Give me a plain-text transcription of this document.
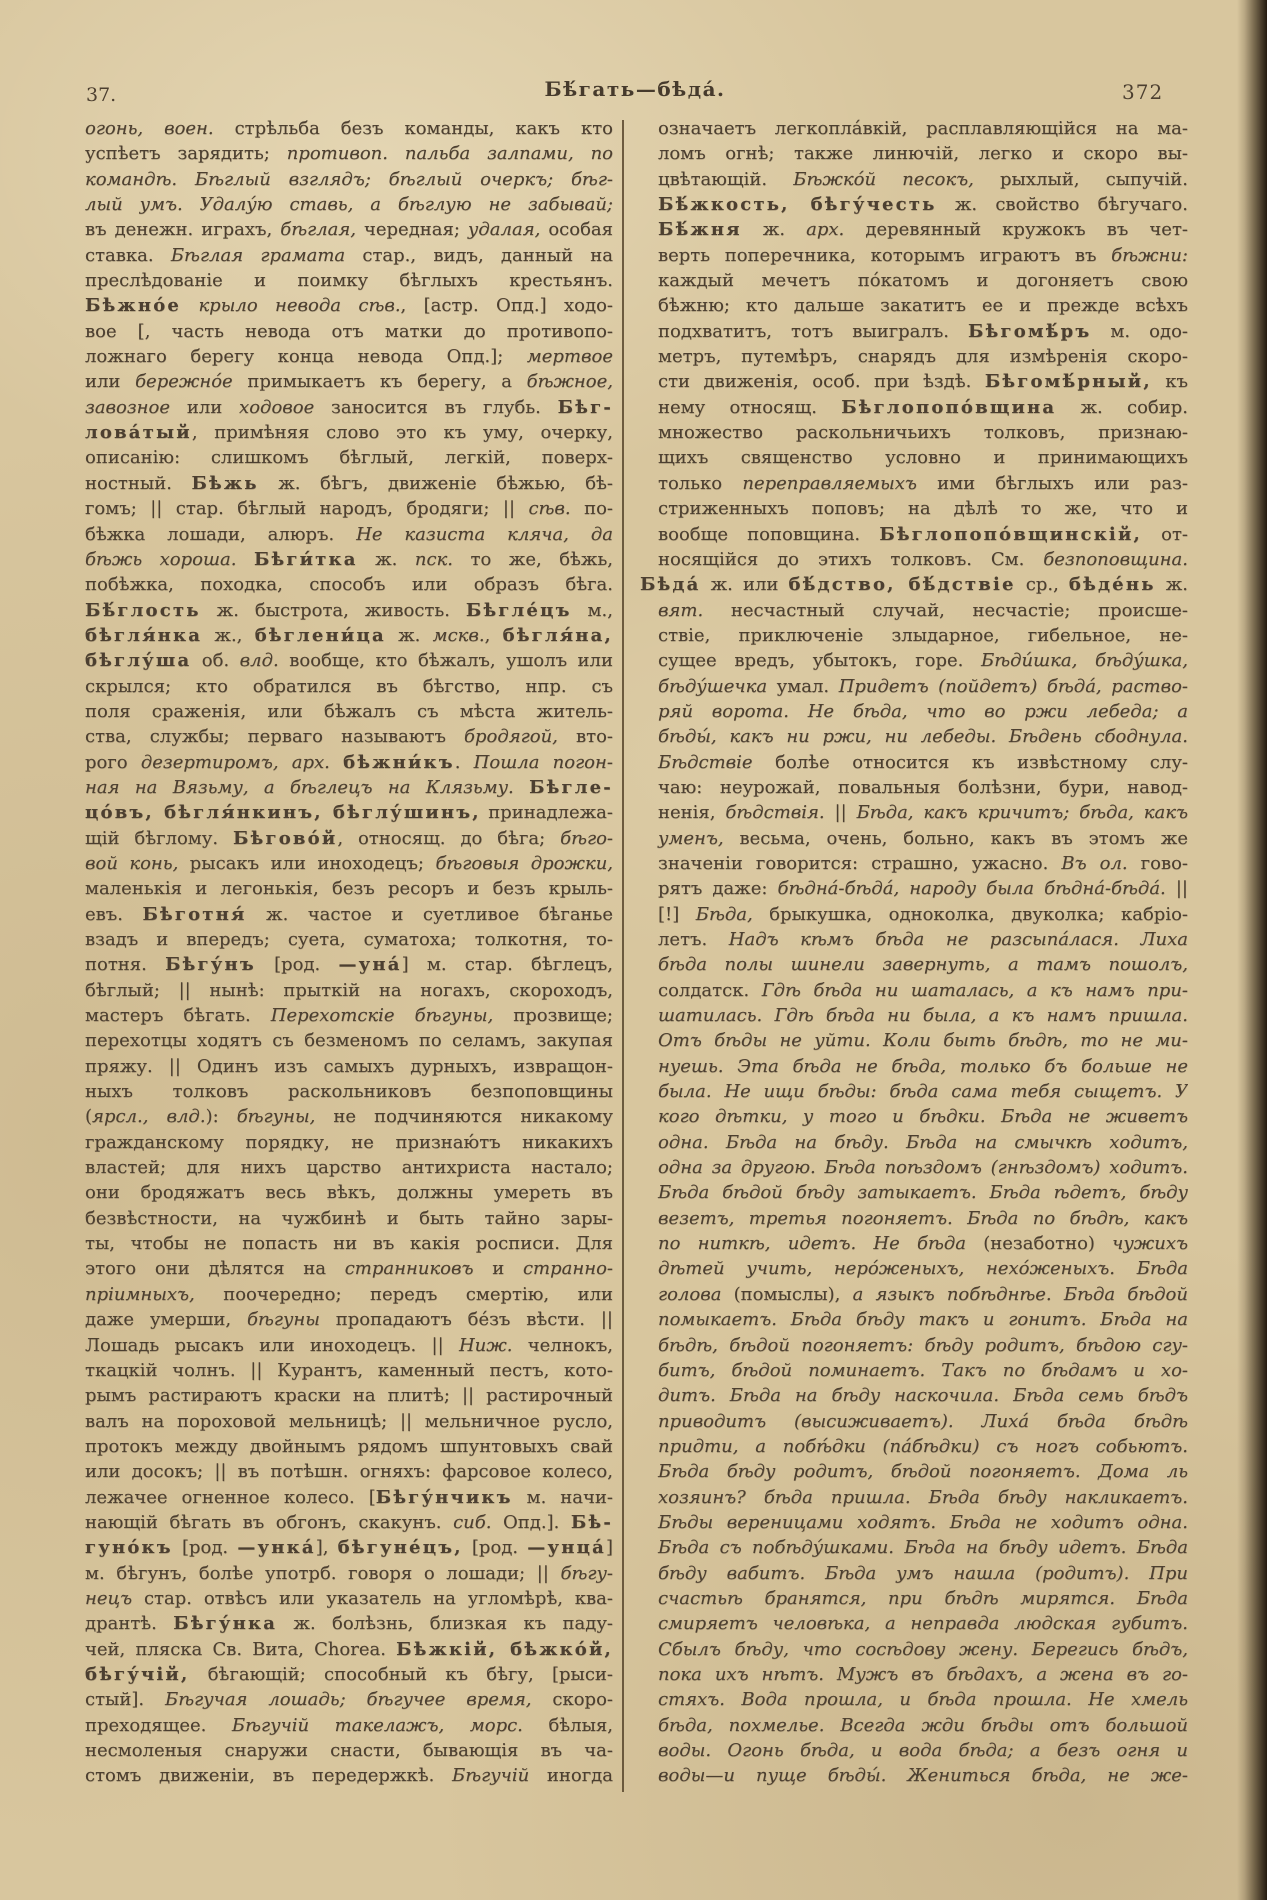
37.	Бѣ́гать—бѣда́.	372
огонь, воен. стрѣльба безъ команды, какъ кто
успѣетъ зарядить; противоп. пальба залпами, по
командѣ. Бѣглый взглядъ; бѣглый очеркъ; бѣг-
лый умъ. Удалу́ю ставь, а бѣглую не забывай;
въ денежн. играхъ, бѣглая, чередная; удалая, особая
ставка. Бѣглая грамата стар., видъ, данный на
преслѣдованіе и поимку бѣглыхъ крестьянъ.
Бѣжно́е крыло невода сѣв., [астр. Опд.] ходо-
вое [, часть невода отъ матки до противопо-
ложнаго берегу конца невода Опд.]; мертвое
или бережно́е примыкаетъ къ берегу, а бѣжное,
завозное или ходовое заносится въ глубь. Бѣг-
лова́тый, примѣняя слово это къ уму, очерку,
описанію: слишкомъ бѣглый, легкій, поверх-
ностный. Бѣжь ж. бѣгъ, движеніе бѣжью, бѣ-
гомъ; || стар. бѣглый народъ, бродяги; || сѣв. по-
бѣжка лошади, алюръ. Не казиста кляча, да
бѣжь хороша. Бѣги́тка ж. пск. то же, бѣжь,
побѣжка, походка, способъ или образъ бѣга.
Бѣ́глость ж. быстрота, живость. Бѣгле́цъ м.,
бѣгля́нка ж., бѣглени́ца ж. мскв., бѣгля́на,
бѣглу́ша об. влд. вообще, кто бѣжалъ, ушолъ или
скрылся; кто обратился въ бѣгство, нпр. съ
поля сраженія, или бѣжалъ съ мѣста житель-
ства, службы; перваго называютъ бродягой, вто-
рого дезертиромъ, арх. бѣжни́къ. Пошла погон-
ная на Вязьму, а бѣглецъ на Клязьму. Бѣгле-
цо́въ, бѣгля́нкинъ, бѣглу́шинъ, принадлежа-
щій бѣглому. Бѣгово́й, относящ. до бѣга; бѣго-
вой конь, рысакъ или иноходецъ; бѣговыя дрожки,
маленькія и легонькія, безъ ресоръ и безъ крыль-
евъ. Бѣготня́ ж. частое и суетливое бѣганье
взадъ и впередъ; суета, суматоха; толкотня, то-
потня. Бѣгу́нъ [род. —уна́] м. стар. бѣглецъ,
бѣглый; || нынѣ: прыткій на ногахъ, скороходъ,
мастеръ бѣгать. Перехотскіе бѣгуны, прозвище;
перехотцы ходятъ съ безменомъ по селамъ, закупая
пряжу. || Одинъ изъ самыхъ дурныхъ, извращон-
ныхъ толковъ раскольниковъ безпоповщины
(ярсл., влд.): бѣгуны, не подчиняются никакому
гражданскому порядку, не признаю́тъ никакихъ
властей; для нихъ царство антихриста настало;
они бродяжатъ весь вѣкъ, должны умереть въ
безвѣстности, на чужбинѣ и быть тайно зары-
ты, чтобы не попасть ни въ какія росписи. Для
этого они дѣлятся на странниковъ и странно-
пріимныхъ, поочередно; передъ смертію, или
даже умерши, бѣгуны пропадаютъ бе́зъ вѣсти. ||
Лошадь рысакъ или иноходецъ. || Ниж. челнокъ,
ткацкій чолнъ. || Курантъ, каменный пестъ, кото-
рымъ растираютъ краски на плитѣ; || растирочный
валъ на пороховой мельницѣ; || мельничное русло,
протокъ между двойнымъ рядомъ шпунтовыхъ свай
или досокъ; || въ потѣшн. огняхъ: фарсовое колесо,
лежачее огненное колесо. [Бѣгу́нчикъ м. начи-
нающій бѣгать въ обгонъ, скакунъ. сиб. Опд.]. Бѣ-
гуно́къ [род. —унка́], бѣгуне́цъ, [род. —унца́]
м. бѣгунъ, болѣе употрб. говоря о лошади; || бѣгу-
нецъ стар. отвѣсъ или указатель на угломѣрѣ, ква-
дрантѣ. Бѣгу́нка ж. болѣзнь, близкая къ паду-
чей, пляска Св. Вита, Chorea. Бѣжкій, бѣжко́й,
бѣгу́чій, бѣгающій; способный къ бѣгу, [рыси-
стый]. Бѣгучая лошадь; бѣгучее время, скоро-
преходящее. Бѣгучій такелажъ, морс. бѣлыя,
несмоленыя снаружи снасти, бывающія въ ча-
стомъ движеніи, въ передержкѣ. Бѣгучій иногда
означаетъ легкопла́вкій, расплавляющійся на ма-
ломъ огнѣ; также линючій, легко и скоро вы-
цвѣтающій. Бѣжко́й песокъ, рыхлый, сыпучій.
Бѣ́жкость, бѣгу́честь ж. свойство бѣгучаго.
Бѣ́жня ж. арх. деревянный кружокъ въ чет-
верть поперечника, которымъ играютъ въ бѣжни:
каждый мечетъ по́катомъ и догоняетъ свою
бѣжню; кто дальше закатитъ ее и прежде всѣхъ
подхватитъ, тотъ выигралъ. Бѣгомѣ́ръ м. одо-
метръ, путемѣръ, снарядъ для измѣренія скоро-
сти движенія, особ. при ѣздѣ. Бѣгомѣ́рный, къ
нему относящ. Бѣглопопо́вщина ж. собир.
множество раскольничьихъ толковъ, признаю-
щихъ священство условно и принимающихъ
только переправляемыхъ ими бѣглыхъ или раз-
стриженныхъ поповъ; на дѣлѣ то же, что и
вообще поповщина. Бѣглопопо́вщинскій, от-
носящійся до этихъ толковъ. См. безпоповщина.
Бѣда́ ж. или бѣ́дство, бѣ́дствіе ср., бѣде́нь ж.
вят. несчастный случай, несчастіе; происше-
ствіе, приключеніе злыдарное, гибельное, не-
сущее вредъ, убытокъ, горе. Бѣди́шка, бѣду́шка,
бѣду́шечка умал. Придетъ (пойдетъ) бѣда́, раство-
ряй ворота. Не бѣда, что во ржи лебеда; а
бѣды́, какъ ни ржи, ни лебеды. Бѣдень сбоднула.
Бѣдствіе болѣе относится къ извѣстному слу-
чаю: неурожай, повальныя болѣзни, бури, навод-
ненія, бѣдствія. || Бѣда, какъ кричитъ; бѣда, какъ
уменъ, весьма, очень, больно, какъ въ этомъ же
значеніи говорится: страшно, ужасно. Въ ол. гово-
рятъ даже: бѣдна́-бѣда́, народу была бѣдна́-бѣда́. ||
[!] Бѣда, брыкушка, одноколка, двуколка; кабріо-
летъ. Надъ кѣмъ бѣда не разсыпа́лася. Лиха
бѣда полы шинели завернуть, а тамъ пошолъ,
солдатск. Гдѣ бѣда ни шаталась, а къ намъ при-
шатилась. Гдѣ бѣда ни была, а къ намъ пришла.
Отъ бѣды не уйти. Коли быть бѣдѣ, то не ми-
нуешь. Эта бѣда не бѣда, только бъ больше не
была. Не ищи бѣды: бѣда сама тебя сыщетъ. У
кого дѣтки, у того и бѣдки. Бѣда не живетъ
одна. Бѣда на бѣду. Бѣда на смычкѣ ходитъ,
одна за другою. Бѣда поѣздомъ (гнѣздомъ) ходитъ.
Бѣда бѣдой бѣду затыкаетъ. Бѣда ѣдетъ, бѣду
везетъ, третья погоняетъ. Бѣда по бѣдѣ, какъ
по ниткѣ, идетъ. Не бѣда (незаботно) чужихъ
дѣтей учить, неро́женыхъ, нехо́женыхъ. Бѣда
голова (помыслы), а языкъ побѣднѣе. Бѣда бѣдой
помыкаетъ. Бѣда бѣду такъ и гонитъ. Бѣда на
бѣдѣ, бѣдой погоняетъ: бѣду родитъ, бѣдою сгу-
битъ, бѣдой поминаетъ. Такъ по бѣдамъ и хо-
дитъ. Бѣда на бѣду наскочила. Бѣда семь бѣдъ
приводитъ (высиживаетъ). Лиха́ бѣда бѣдѣ
придти, а побѣ́дки (па́бѣдки) съ ногъ собьютъ.
Бѣда бѣду родитъ, бѣдой погоняетъ. Дома ль
хозяинъ? бѣда пришла. Бѣда бѣду накликаетъ.
Бѣды вереницами ходятъ. Бѣда не ходитъ одна.
Бѣда съ побѣду́шками. Бѣда на бѣду идетъ. Бѣда
бѣду вабитъ. Бѣда умъ нашла (родитъ). При
счастьѣ бранятся, при бѣдѣ мирятся. Бѣда
смиряетъ человѣка, а неправда людская губитъ.
Сбылъ бѣду, что сосѣдову жену. Берегись бѣдъ,
пока ихъ нѣтъ. Мужъ въ бѣдахъ, а жена въ го-
стяхъ. Вода прошла, и бѣда прошла. Не хмель
бѣда, похмелье. Всегда жди бѣды отъ большой
воды. Огонь бѣда, и вода бѣда; а безъ огня и
воды—и пуще бѣды́. Жениться бѣда, не же-
